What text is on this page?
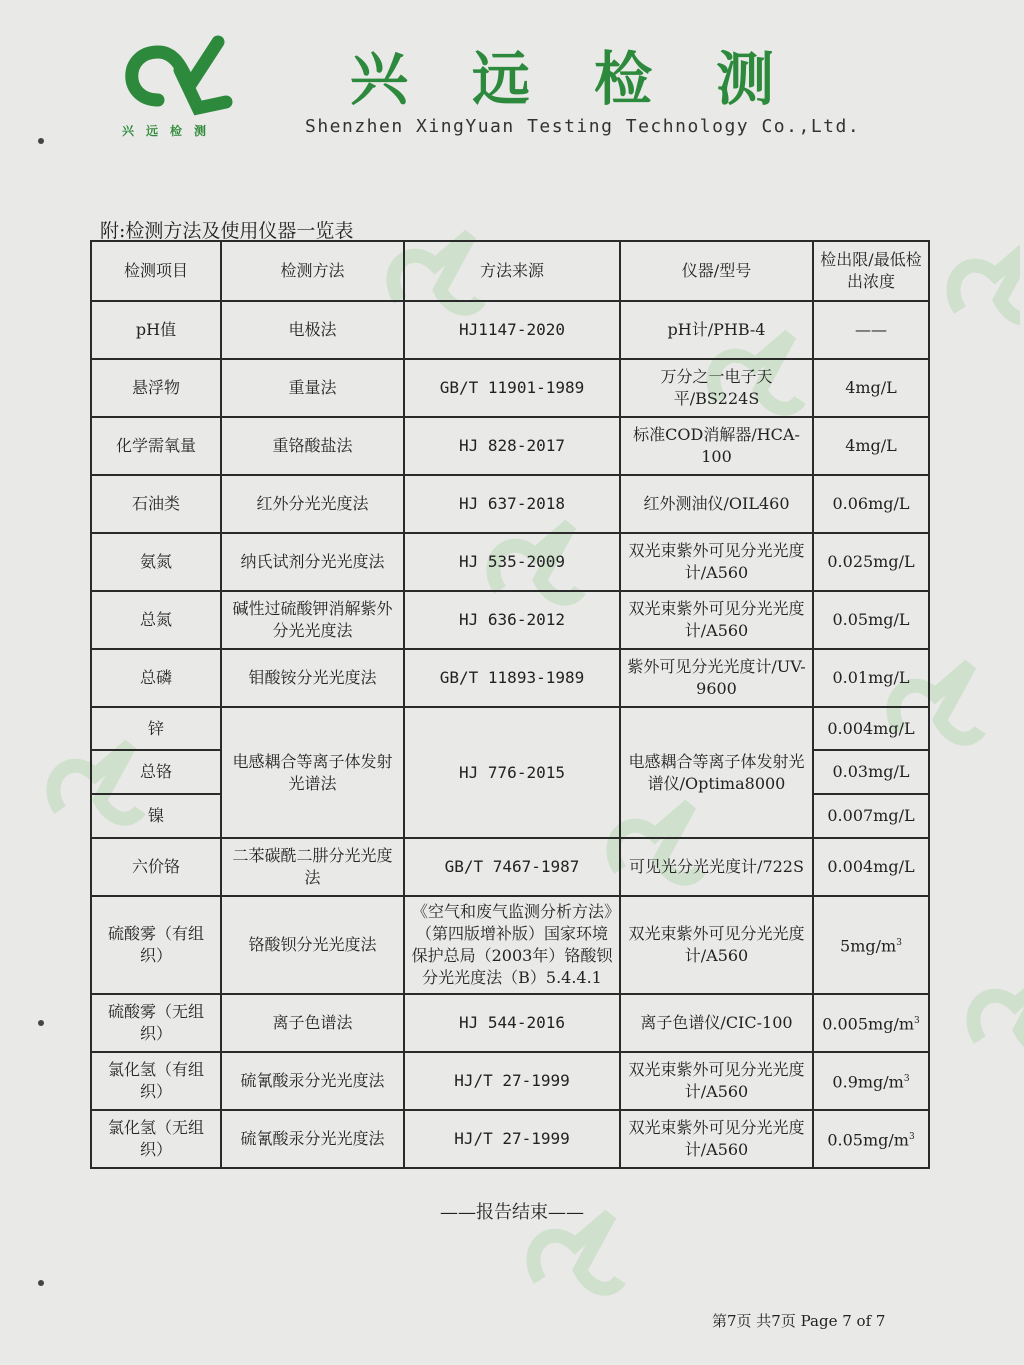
兴远检测
兴远检测
Shenzhen XingYuan Testing Technology Co.,Ltd.
附:检测方法及使用仪器一览表
检测项目	检测方法	方法来源	仪器/型号	检出限/最低检出浓度
pH值	电极法	HJ1147-2020	pH计/PHB-4	——
悬浮物	重量法	GB/T 11901-1989	万分之一电子天平/BS224S	4mg/L
化学需氧量	重铬酸盐法	HJ 828-2017	标准COD消解器/HCA-100	4mg/L
石油类	红外分光光度法	HJ 637-2018	红外测油仪/OIL460	0.06mg/L
氨氮	纳氏试剂分光光度法	HJ 535-2009	双光束紫外可见分光光度计/A560	0.025mg/L
总氮	碱性过硫酸钾消解紫外分光光度法	HJ 636-2012	双光束紫外可见分光光度计/A560	0.05mg/L
总磷	钼酸铵分光光度法	GB/T 11893-1989	紫外可见分光光度计/UV-9600	0.01mg/L
锌	电感耦合等离子体发射光谱法	HJ 776-2015	电感耦合等离子体发射光谱仪/Optima8000	0.004mg/L
总铬				0.03mg/L
镍				0.007mg/L
六价铬	二苯碳酰二肼分光光度法	GB/T 7467-1987	可见光分光光度计/722S	0.004mg/L
硫酸雾（有组织）	铬酸钡分光光度法	《空气和废气监测分析方法》（第四版增补版）国家环境保护总局（2003年）铬酸钡分光光度法（B）5.4.4.1	双光束紫外可见分光光度计/A560	$5mg/m^3$
硫酸雾（无组织）	离子色谱法	HJ 544-2016	离子色谱仪/CIC-100	$0.005mg/m^3$
氯化氢（有组织）	硫氰酸汞分光光度法	HJ/T 27-1999	双光束紫外可见分光光度计/A560	$0.9mg/m^3$
氯化氢（无组织）	硫氰酸汞分光光度法	HJ/T 27-1999	双光束紫外可见分光光度计/A560	$0.05mg/m^3$
——报告结束——
第7页 共7页 Page 7 of 7
